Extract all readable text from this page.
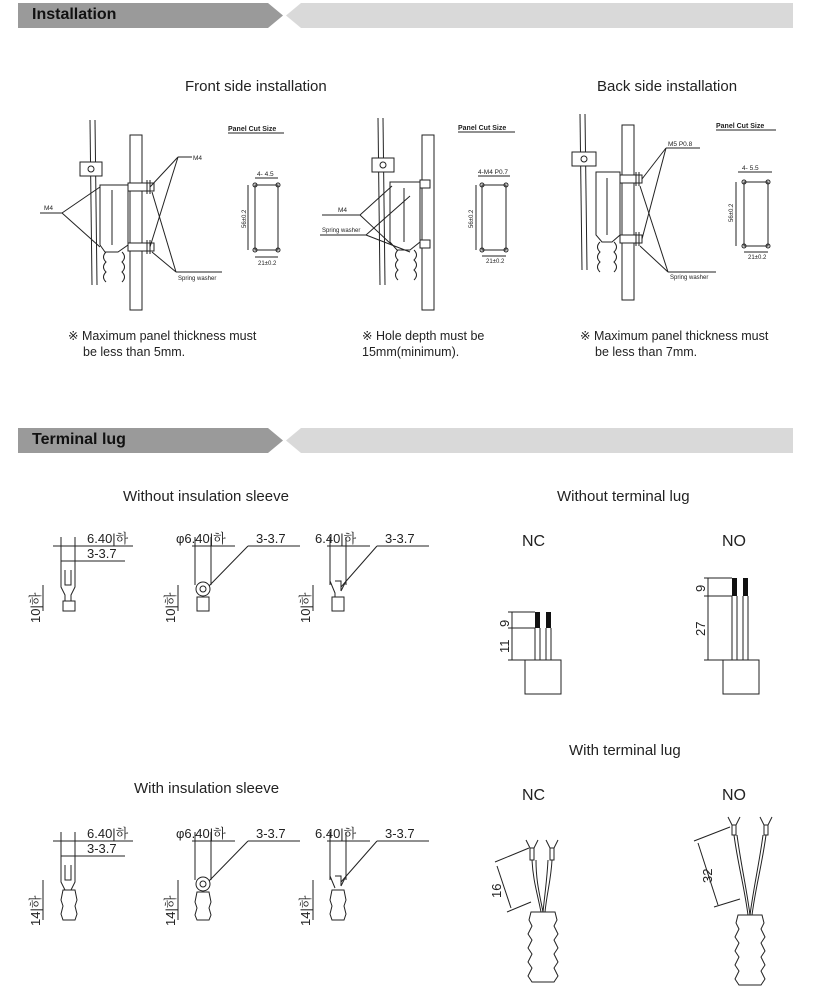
Installation
Front side installation	Back side installation
M4
M4
Spring washer
Panel Cut Size
4- 4.5
56±0.2
21±0.2
M4
Spring washer
Panel Cut Size
4-M4 P0.7
56±0.2
21±0.2
M5 P0.8
Spring washer
Panel Cut Size
4- 5.5
56±0.2
21±0.2
※ Maximum panel thickness must
be less than 5mm.
※ Hole depth must be
15mm(minimum).
※ Maximum panel thickness must
be less than 7mm.
Terminal lug
Without insulation sleeve	Without terminal lug
With insulation sleeve
With terminal lug
6.40|하
3-3.7
10|하
φ6.40|하 3-3.7
10|하
6.40|하 3-3.7
10|하
6.40|하
3-3.7
14|하
φ6.40|하 3-3.7
14|하
6.40|하 3-3.7
14|하
NC	NO
9
11
9
27
NC	NO
16
32
